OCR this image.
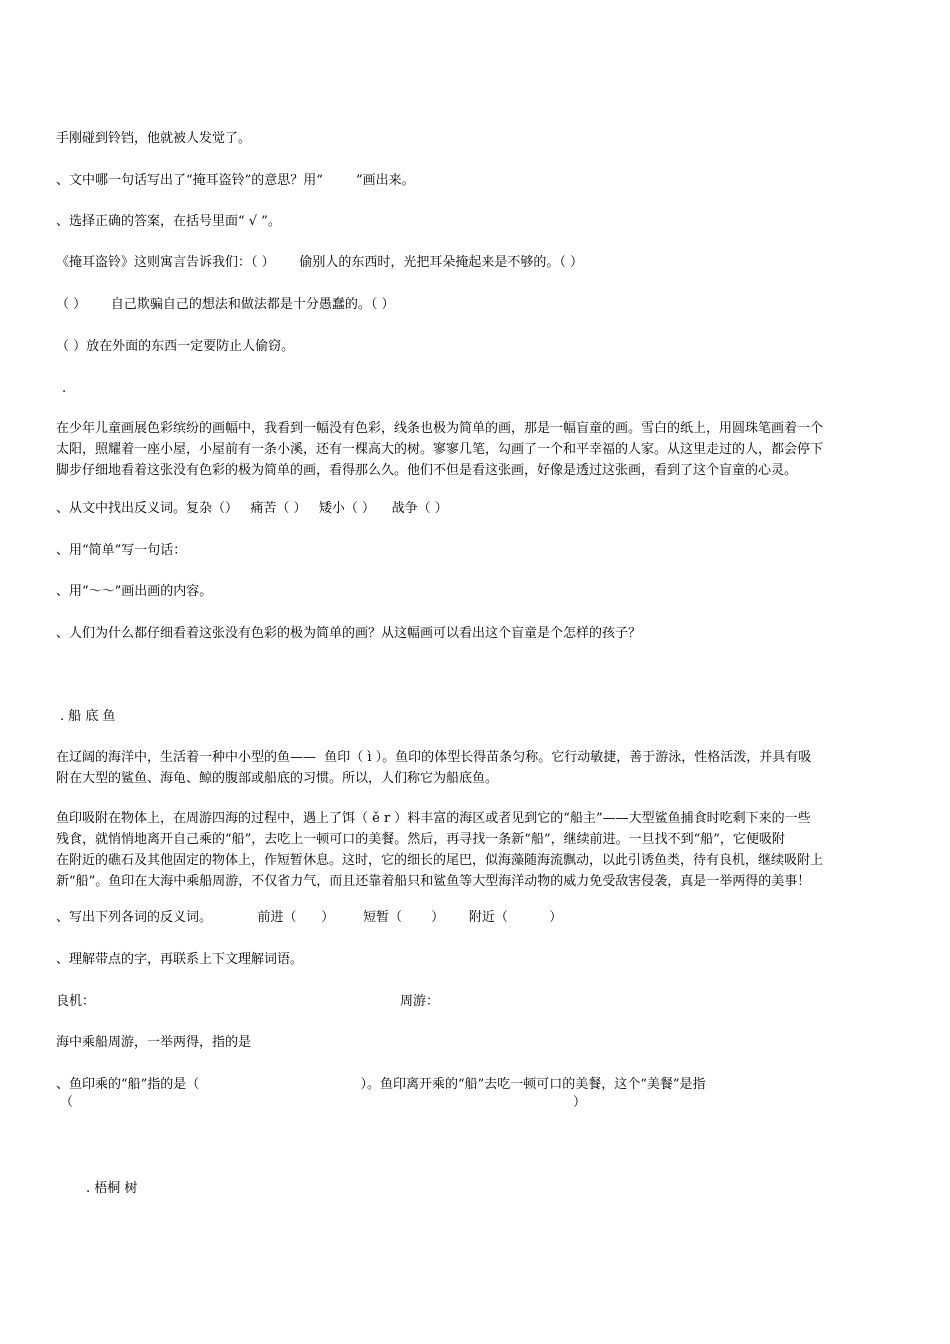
手刚碰到铃铛，他就被人发觉了。
、文中哪一句话写出了“掩耳盗铃”的意思？用“        ”画出来。
、选择正确的答案，在括号里面“ √ ”。
《掩耳盗铃》这则寓言告诉我们：（ ）      偷别人的东西时，光把耳朵掩起来是不够的。（ ）
（ ）      自己欺骗自己的想法和做法都是十分愚蠢的。（ ）
（ ）放在外面的东西一定要防止人偷窃。
.
在少年儿童画展色彩缤纷的画幅中，我看到一幅没有色彩，线条也极为简单的画，那是一幅盲童的画。雪白的纸上，用圆珠笔画着一个
太阳，照耀着一座小屋，小屋前有一条小溪，还有一棵高大的树。寥寥几笔，勾画了一个和平幸福的人家。从这里走过的人，都会停下
脚步仔细地看着这张没有色彩的极为简单的画，看得那么久。他们不但是看这张画，好像是透过这张画，看到了这个盲童的心灵。
、从文中找出反义词。复杂（）   痛苦（ ）   矮小（ ）    战争（ ）
、用“简单”写一句话：
、用“～～”画出画的内容。
、人们为什么都仔细看着这张没有色彩的极为简单的画？从这幅画可以看出这个盲童是个怎样的孩子？
. 船 底 鱼
在辽阔的海洋中，生活着一种中小型的鱼——  鱼印（ ì ）。鱼印的体型长得苗条匀称。它行动敏捷，善于游泳，性格活泼，并具有吸
附在大型的鲨鱼、海龟、鲸的腹部或船底的习惯。所以，人们称它为船底鱼。
鱼印吸附在物体上，在周游四海的过程中，遇上了饵（ ě r ）料丰富的海区或者见到它的“船主”——大型鲨鱼捕食时吃剩下来的一些
残食，就悄悄地离开自己乘的“船”，去吃上一顿可口的美餐。然后，再寻找一条新“船”，继续前进。一旦找不到“船”，它便吸附
在附近的礁石及其他固定的物体上，作短暂休息。这时，它的细长的尾巴，似海藻随海流飘动，以此引诱鱼类，待有良机，继续吸附上
新“船”。鱼印在大海中乘船周游，不仅省力气，而且还靠着船只和鲨鱼等大型海洋动物的威力免受敌害侵袭，真是一举两得的美事！
、写出下列各词的反义词。           前进（      ）       短暂（       ）      附近（          ）
、理解带点的字，再联系上下文理解词语。
良机：	周游：
海中乘船周游，一举两得，指的是
、鱼印乘的“船”指的是（                                       ）。鱼印离开乘的“船”去吃一顿可口的美餐，这个“美餐”是指
（                                                                                                                         ）
. 梧桐 树
